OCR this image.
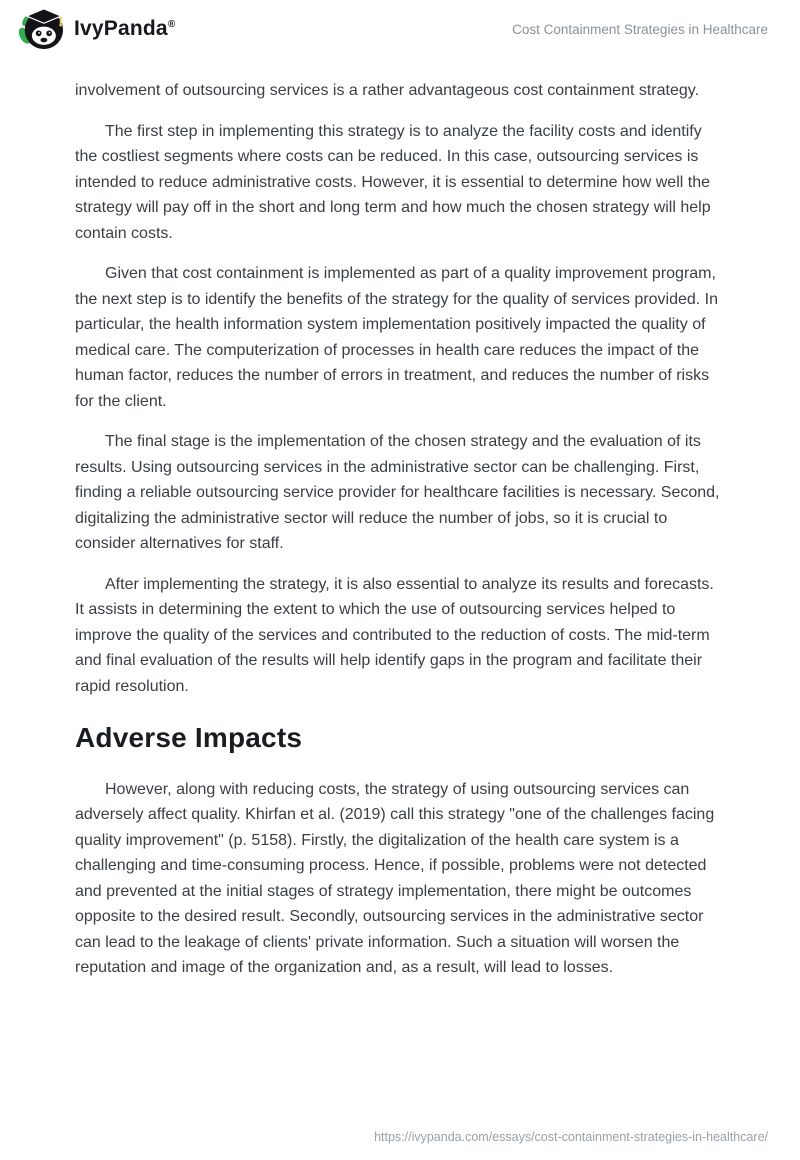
IvyPanda®	Cost Containment Strategies in Healthcare

involvement of outsourcing services is a rather advantageous cost containment strategy.

The first step in implementing this strategy is to analyze the facility costs and identify the costliest segments where costs can be reduced. In this case, outsourcing services is intended to reduce administrative costs. However, it is essential to determine how well the strategy will pay off in the short and long term and how much the chosen strategy will help contain costs.

Given that cost containment is implemented as part of a quality improvement program, the next step is to identify the benefits of the strategy for the quality of services provided. In particular, the health information system implementation positively impacted the quality of medical care. The computerization of processes in health care reduces the impact of the human factor, reduces the number of errors in treatment, and reduces the number of risks for the client.

The final stage is the implementation of the chosen strategy and the evaluation of its results. Using outsourcing services in the administrative sector can be challenging. First, finding a reliable outsourcing service provider for healthcare facilities is necessary. Second, digitalizing the administrative sector will reduce the number of jobs, so it is crucial to consider alternatives for staff.

After implementing the strategy, it is also essential to analyze its results and forecasts. It assists in determining the extent to which the use of outsourcing services helped to improve the quality of the services and contributed to the reduction of costs. The mid-term and final evaluation of the results will help identify gaps in the program and facilitate their rapid resolution.

Adverse Impacts

However, along with reducing costs, the strategy of using outsourcing services can adversely affect quality. Khirfan et al. (2019) call this strategy "one of the challenges facing quality improvement" (p. 5158). Firstly, the digitalization of the health care system is a challenging and time-consuming process. Hence, if possible, problems were not detected and prevented at the initial stages of strategy implementation, there might be outcomes opposite to the desired result. Secondly, outsourcing services in the administrative sector can lead to the leakage of clients' private information. Such a situation will worsen the reputation and image of the organization and, as a result, will lead to losses.

https://ivypanda.com/essays/cost-containment-strategies-in-healthcare/
